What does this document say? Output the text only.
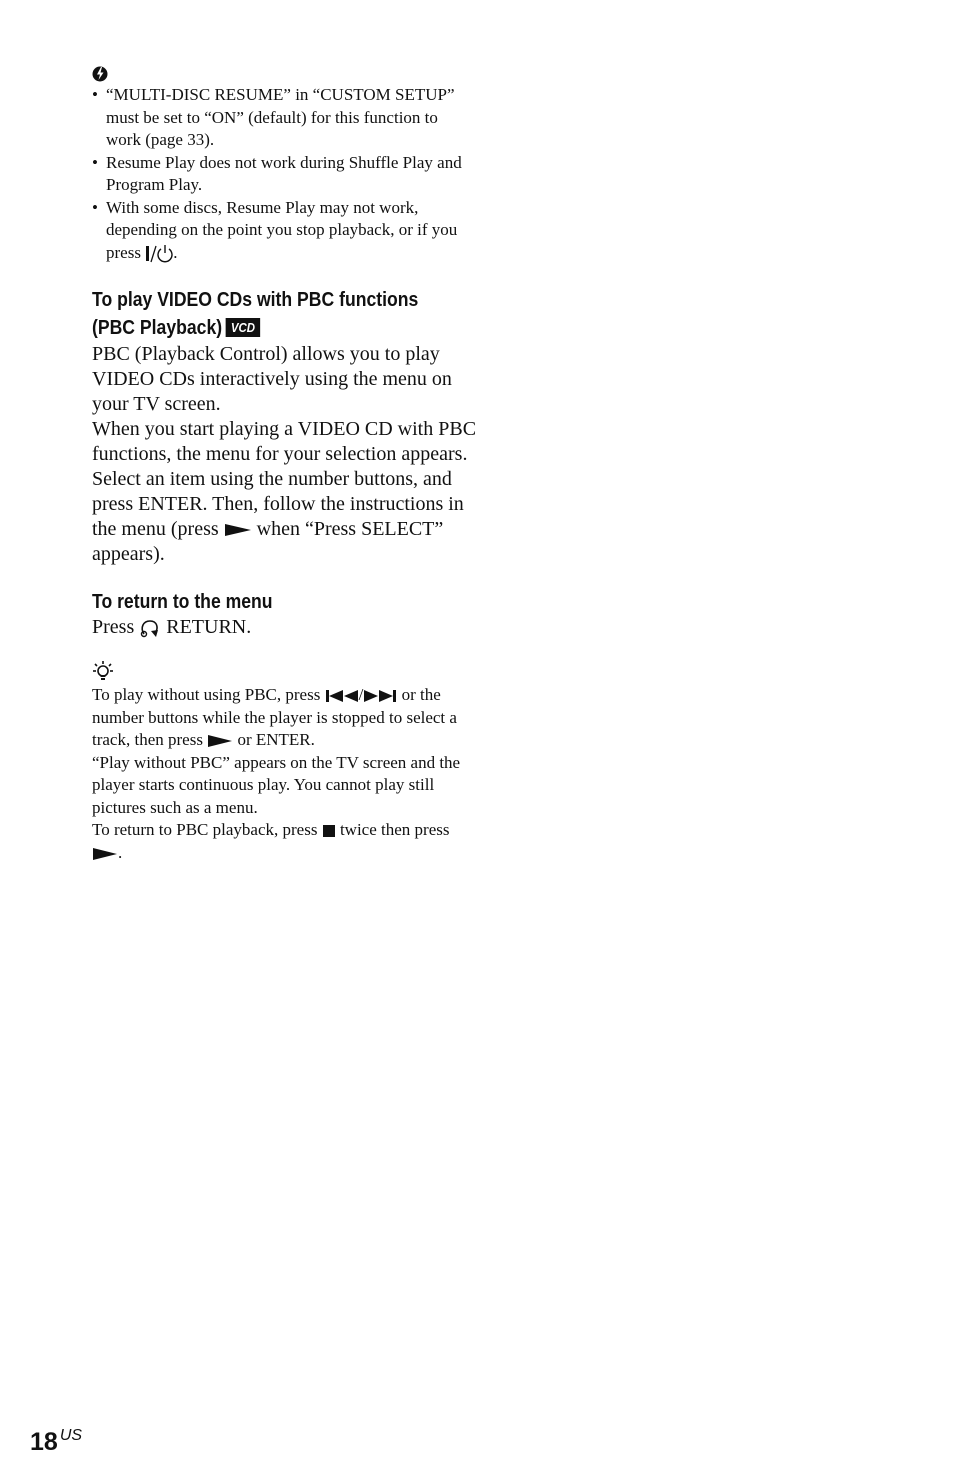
• “MULTI-DISC RESUME” in “CUSTOM SETUP” must be set to “ON” (default) for this function to work (page 33).
• Resume Play does not work during Shuffle Play and Program Play.
• With some discs, Resume Play may not work, depending on the point you stop playback, or if you press .
To play VIDEO CDs with PBC functions
(PBC Playback) VCD

PBC (Playback Control) allows you to play VIDEO CDs interactively using the menu on your TV screen.

When you start playing a VIDEO CD with PBC functions, the menu for your selection appears.

Select an item using the number buttons, and press ENTER. Then, follow the instructions in the menu (press when “Press SELECT” appears).

To return to the menu
Press RETURN.

To play without using PBC, press / or the number buttons while the player is stopped to select a track, then press or ENTER.

“Play without PBC” appears on the TV screen and the player starts continuous play. You cannot play still pictures such as a menu.

To return to PBC playback, press twice then press .

18 $^{US}$
